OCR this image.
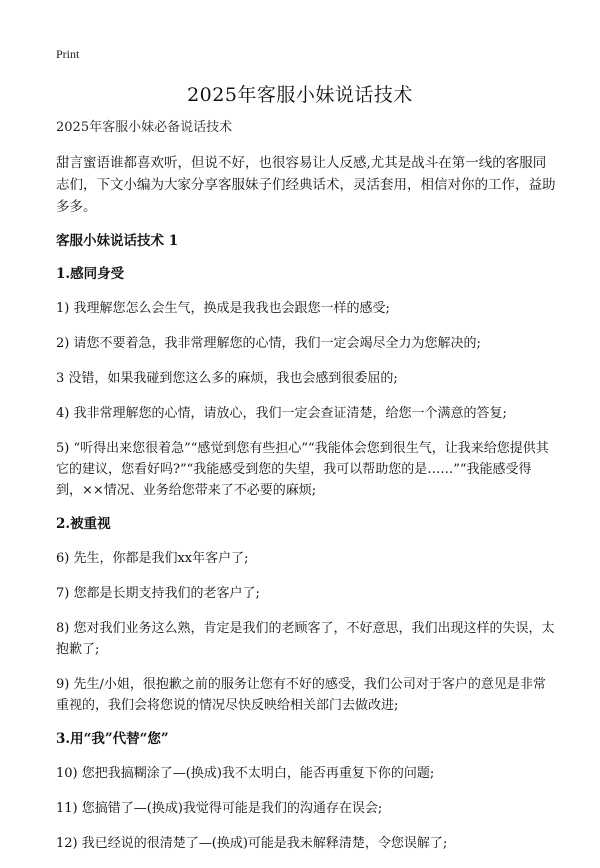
Print
2025年客服小妹说话技术
2025年客服小妹必备说话技术
甜言蜜语谁都喜欢听，但说不好，也很容易让人反感,尤其是战斗在第一线的客服同志们，下文小编为大家分享客服妹子们经典话术，灵活套用，相信对你的工作，益助多多。
客服小妹说话技术 1
1.感同身受
1) 我理解您怎么会生气，换成是我我也会跟您一样的感受;
2) 请您不要着急，我非常理解您的心情，我们一定会竭尽全力为您解决的;
3 没错，如果我碰到您这么多的麻烦，我也会感到很委屈的;
4) 我非常理解您的心情，请放心，我们一定会查证清楚，给您一个满意的答复;
5) “听得出来您很着急”“感觉到您有些担心”“我能体会您到很生气，让我来给您提供其它的建议，您看好吗?”“我能感受到您的失望，我可以帮助您的是……”“我能感受得到，××情况、业务给您带来了不必要的麻烦;
2.被重视
6) 先生，你都是我们xx年客户了;
7) 您都是长期支持我们的老客户了;
8) 您对我们业务这么熟，肯定是我们的老顾客了，不好意思，我们出现这样的失误，太抱歉了;
9) 先生/小姐，很抱歉之前的服务让您有不好的感受，我们公司对于客户的意见是非常重视的，我们会将您说的情况尽快反映给相关部门去做改进;
3.用“我”代替“您”
10) 您把我搞糊涂了—(换成)我不太明白，能否再重复下你的问题;
11) 您搞错了—(换成)我觉得可能是我们的沟通存在误会;
12) 我已经说的很清楚了—(换成)可能是我未解释清楚，令您误解了;
